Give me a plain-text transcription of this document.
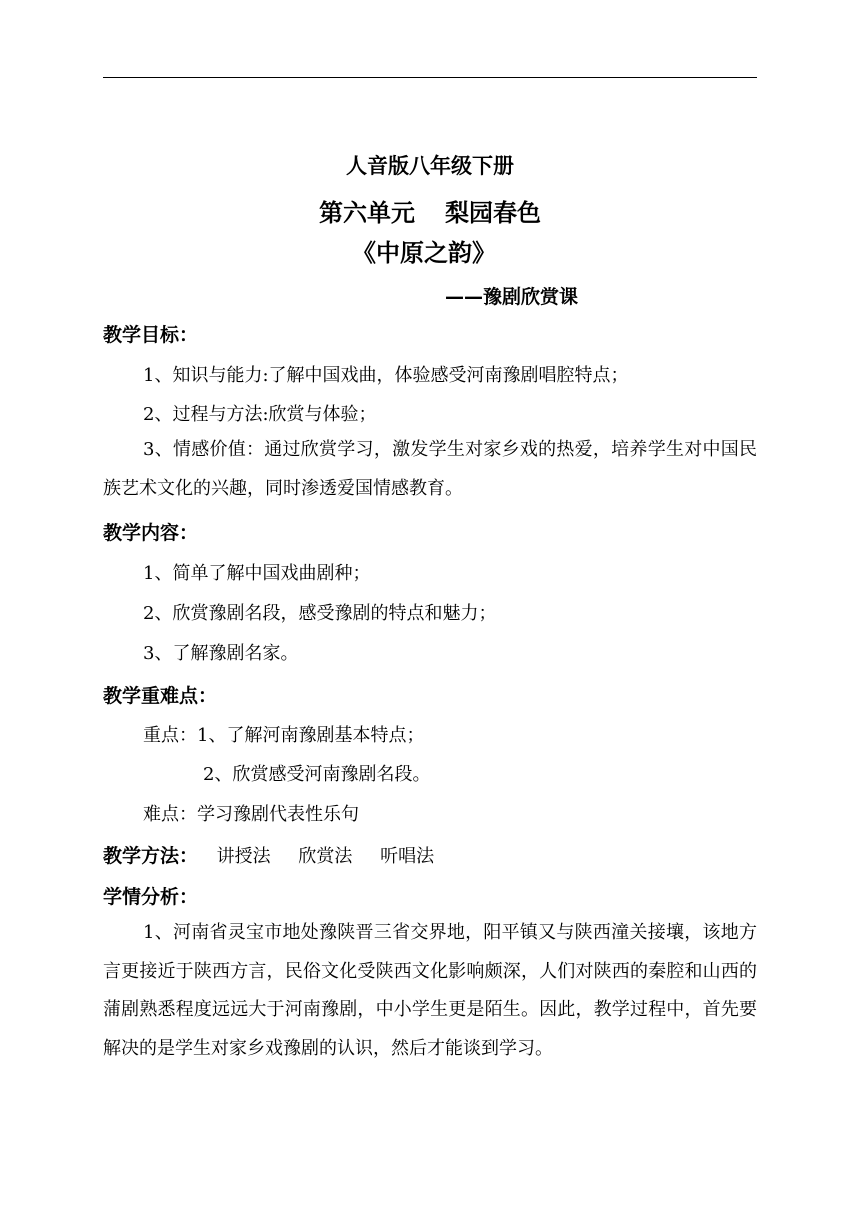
人音版八年级下册
第六单元 梨园春色
《中原之韵》
——豫剧欣赏课
教学目标：
1、知识与能力:了解中国戏曲，体验感受河南豫剧唱腔特点；
2、过程与方法:欣赏与体验；
3、情感价值：通过欣赏学习，激发学生对家乡戏的热爱，培养学生对中国民族艺术文化的兴趣，同时渗透爱国情感教育。
教学内容：
1、简单了解中国戏曲剧种；
2、欣赏豫剧名段，感受豫剧的特点和魅力；
3、了解豫剧名家。
教学重难点：
重点：1、了解河南豫剧基本特点；
2、欣赏感受河南豫剧名段。
难点：学习豫剧代表性乐句
教学方法： 讲授法 欣赏法 听唱法
学情分析：
1、河南省灵宝市地处豫陕晋三省交界地，阳平镇又与陕西潼关接壤，该地方言更接近于陕西方言，民俗文化受陕西文化影响颇深，人们对陕西的秦腔和山西的蒲剧熟悉程度远远大于河南豫剧，中小学生更是陌生。因此，教学过程中，首先要解决的是学生对家乡戏豫剧的认识，然后才能谈到学习。
